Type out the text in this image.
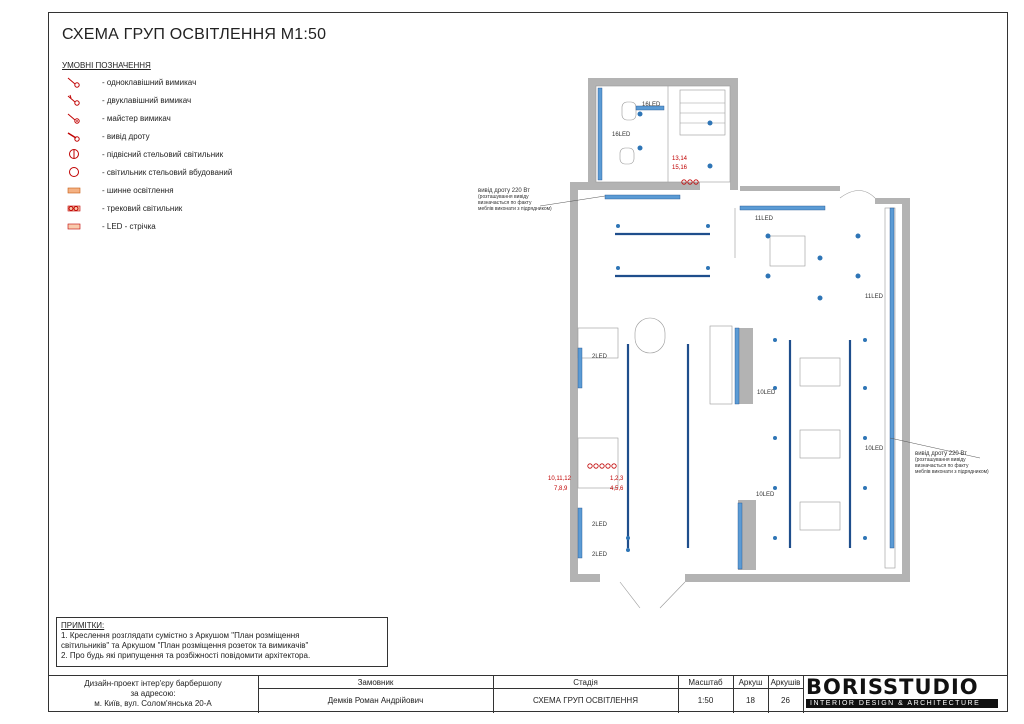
СХЕМА ГРУП ОСВІТЛЕННЯ М1:50
УМОВНІ ПОЗНАЧЕННЯ
- одноклавішний вимикач
- двуклавішний вимикач
- майстер вимикач
- вивід дроту
- підвісний стельовий світильник
- світильник стельовий вбудований
- шинне освітлення
- трековий світильник
- LED - стрічка
16LED
16LED
11LED
11LED
10LED
10LED
10LED
2LED
2LED
2LED
13,14
15,16
10,11,12
7,8,9
1,2,3
4,5,6
вивід дроту 220 Вт
(розташування вивіду
визначається по факту
меблів виконати з підрядником)
вивід дроту 220 Вт
(розташування вивіду
визначається по факту
меблів виконати з підрядником)
ПРИМІТКИ:
1. Креслення розглядати сумістно з Аркушом "План розміщення
світильників" та Аркушом "План розміщення розеток та вимикачів"
2. Про будь які припущення та розбіжності повідомити архітектора.
Дизайн-проект інтер'єру барбершопу
за адресою:
м. Київ, вул. Солом'янська 20-А
Замовник
Демків Роман Андрійович
Стадія
СХЕМА ГРУП ОСВІТЛЕННЯ
Масштаб
1:50
Аркуш
18
Аркушів
26
BORISSTUDIO
INTERIOR DESIGN & ARCHITECTURE
